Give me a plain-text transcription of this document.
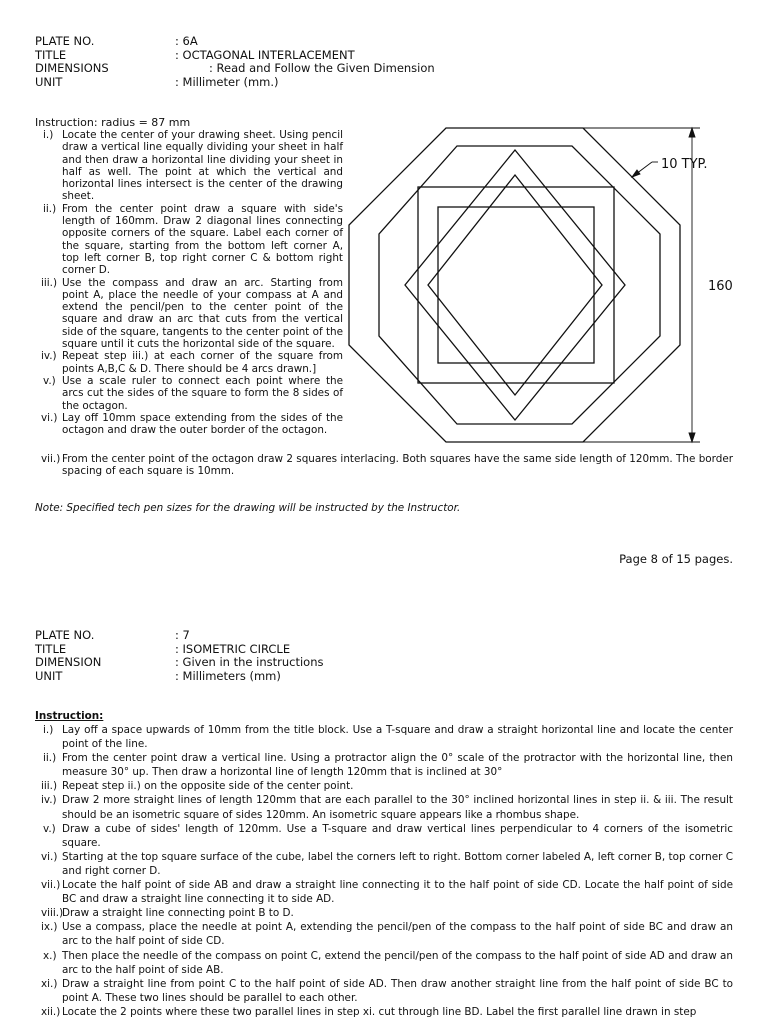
PLATE NO.	: 6A
TITLE	: OCTAGONAL INTERLACEMENT
DIMENSIONS	: Read and Follow the Given Dimension
UNIT	: Millimeter (mm.)
Instruction: radius = 87 mm
i.) Locate the center of your drawing sheet. Using pencil draw a vertical line equally dividing your sheet in half and then draw a horizontal line dividing your sheet in half as well. The point at which the vertical and horizontal lines intersect is the center of the drawing sheet.
ii.) From the center point draw a square with side's length of 160mm. Draw 2 diagonal lines connecting opposite corners of the square. Label each corner of the square, starting from the bottom left corner A, top left corner B, top right corner C & bottom right corner D.
iii.) Use the compass and draw an arc. Starting from point A, place the needle of your compass at A and extend the pencil/pen to the center point of the square and draw an arc that cuts from the vertical side of the square, tangents to the center point of the square until it cuts the horizontal side of the square.
iv.) Repeat step iii.) at each corner of the square from points A,B,C & D. There should be 4 arcs drawn.]
v.) Use a scale ruler to connect each point where the arcs cut the sides of the square to form the 8 sides of the octagon.
vi.) Lay off 10mm space extending from the sides of the octagon and draw the outer border of the octagon.
vii.) From the center point of the octagon draw 2 squares interlacing. Both squares have the same side length of 120mm. The border spacing of each square is 10mm.
10 TYP.
160
Note: Specified tech pen sizes for the drawing will be instructed by the Instructor.
Page 8 of 15 pages.
PLATE NO.	: 7
TITLE	: ISOMETRIC CIRCLE
DIMENSION	: Given in the instructions
UNIT	: Millimeters (mm)
Instruction:
i.) Lay off a space upwards of 10mm from the title block. Use a T-square and draw a straight horizontal line and locate the center point of the line.
ii.) From the center point draw a vertical line. Using a protractor align the 0° scale of the protractor with the horizontal line, then measure 30° up. Then draw a horizontal line of length 120mm that is inclined at 30°
iii.) Repeat step ii.) on the opposite side of the center point.
iv.) Draw 2 more straight lines of length 120mm that are each parallel to the 30° inclined horizontal lines in step ii. & iii. The result should be an isometric square of sides 120mm. An isometric square appears like a rhombus shape.
v.) Draw a cube of sides' length of 120mm. Use a T-square and draw vertical lines perpendicular to 4 corners of the isometric square.
vi.) Starting at the top square surface of the cube, label the corners left to right. Bottom corner labeled A, left corner B, top corner C and right corner D.
vii.) Locate the half point of side AB and draw a straight line connecting it to the half point of side CD. Locate the half point of side BC and draw a straight line connecting it to side AD.
viii.)
Draw a straight line connecting point B to D.
ix.) Use a compass, place the needle at point A, extending the pencil/pen of the compass to the half point of side BC and draw an arc to the half point of side CD.
x.) Then place the needle of the compass on point C, extend the pencil/pen of the compass to the half point of side AD and draw an arc to the half point of side AB.
xi.) Draw a straight line from point C to the half point of side AD. Then draw another straight line from the half point of side BC to point A. These two lines should be parallel to each other.
xii.) Locate the 2 points where these two parallel lines in step xi. cut through line BD. Label the first parallel line drawn in step
